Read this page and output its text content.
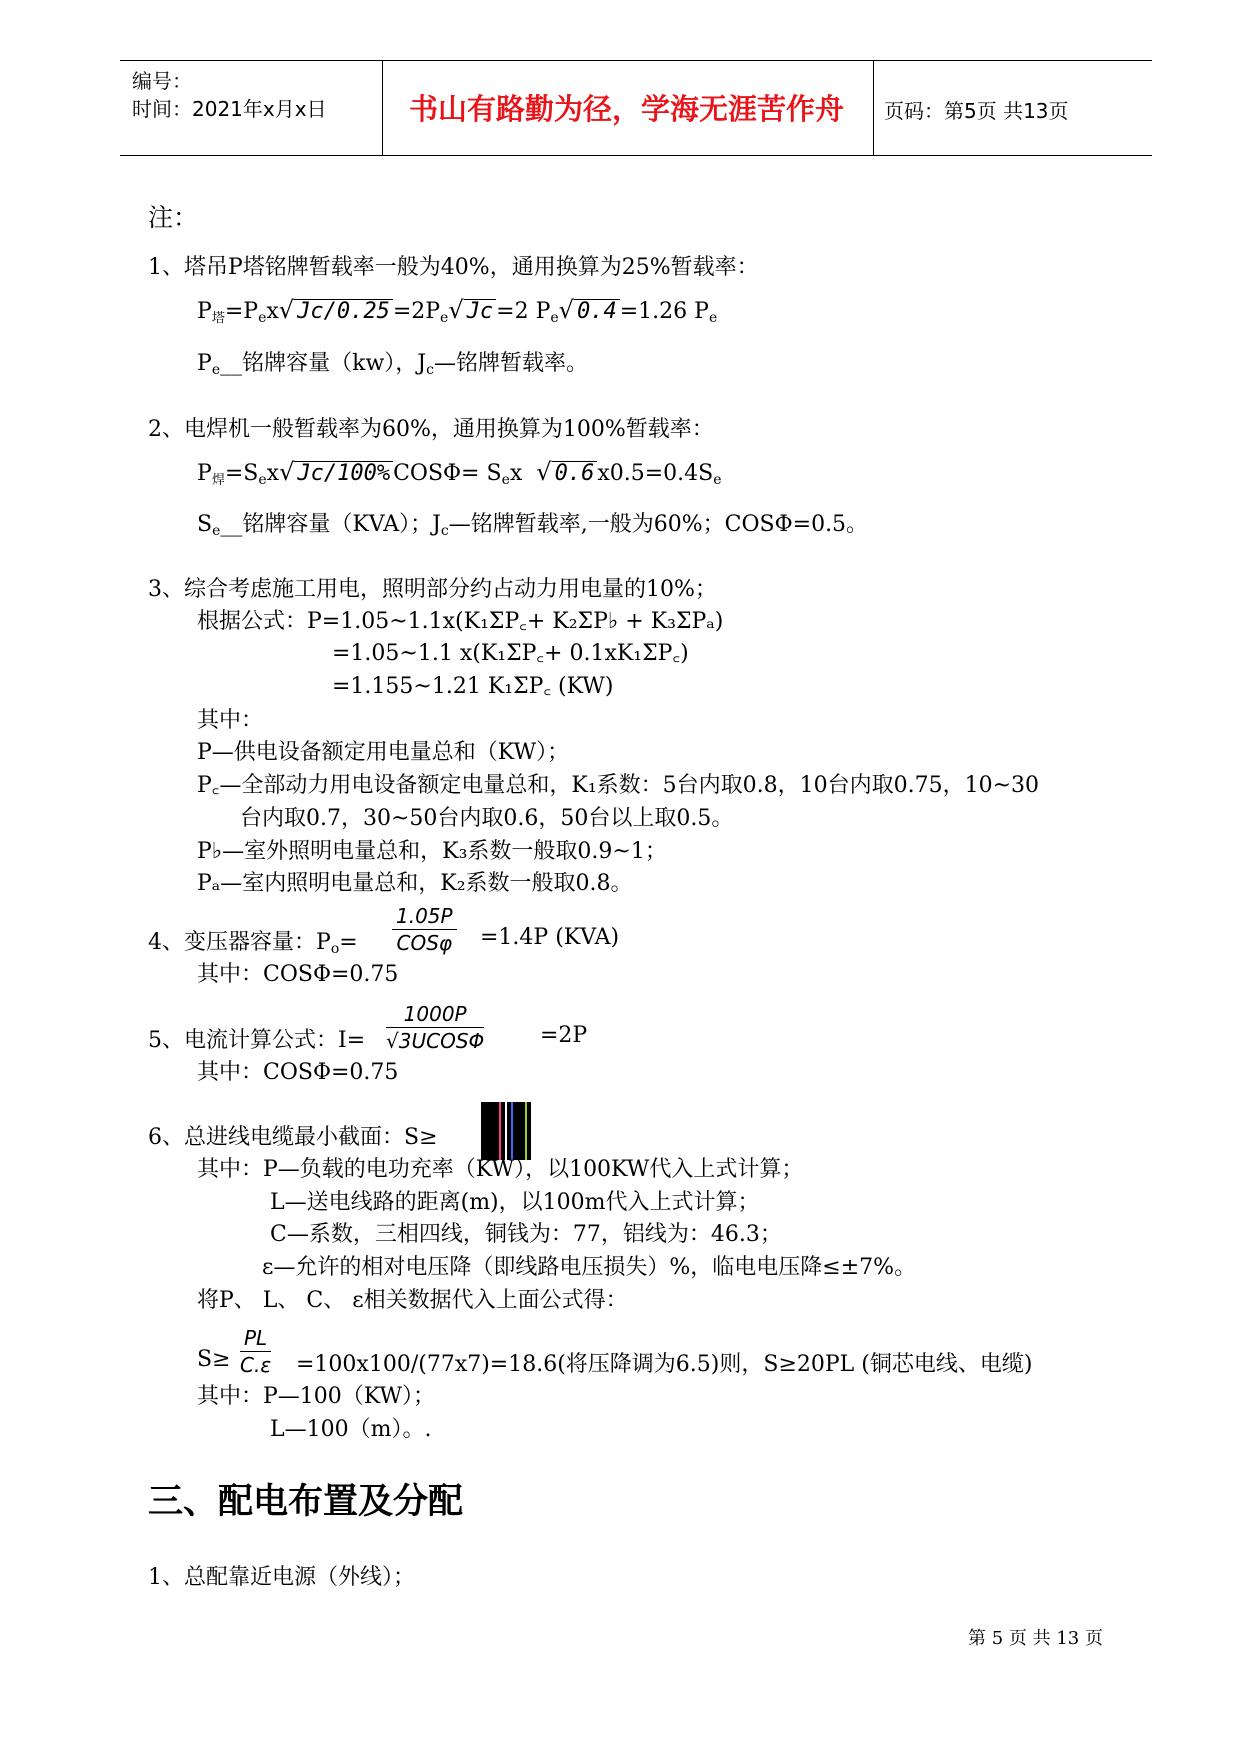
编号：
时间：2021年x月x日	书山有路勤为径，学海无涯苦作舟 页码：第5页 共13页
注：
1、塔吊P塔铭牌暂载率一般为40%，通用换算为25%暂载率：
$P_塔=P_ex√$ $Jc/0.25 =2P_e√$ Jc =2 $P_e√$ 0.4 =1.26 $P_e$
$P_e\_\_$铭牌容量（kw），$J_c—$铭牌暂载率。
2、电焊机一般暂载率为60%，通用换算为100%暂载率：
$P_焊=S_ex√$ Jc/100% $COS\Phi= S_ex$ √ 0.6 $x0.5=0.4S_e$
$S_e\_\_$铭牌容量（KVA）；$J_c—$铭牌暂载率,一般为60%；COSΦ=0.5。
3、综合考虑施工用电，照明部分约占动力用电量的10%；
根据公式：P=1.05~1.1x(K₁ΣP꜀+ K₂ΣP♭ + K₃ΣPₐ)
=1.05~1.1 x(K₁ΣP꜀+ 0.1xK₁ΣP꜀)
=1.155~1.21 K₁ΣP꜀ (KW)
其中：
P—供电设备额定用电量总和（KW）；
P꜀—全部动力用电设备额定电量总和，K₁系数：5台内取0.8，10台内取0.75，10~30
台内取0.7，30~50台内取0.6，50台以上取0.5。
P♭—室外照明电量总和，K₃系数一般取0.9~1；
Pₐ—室内照明电量总和，K₂系数一般取0.8。
4、变压器容量：$P_o=$
1.05P
COSφ =1.4P (KVA)
其中：COSΦ=0.75
5、电流计算公式：I=
1000P
√3UCOSΦ	=2P
其中：COSΦ=0.75
6、总进线电缆最小截面：S≥
其中：P—负载的电功充率（KW），以100KW代入上式计算；
L—送电线路的距离(m)，以100m代入上式计算；
C—系数，三相四线，铜钱为：77，铝线为：46.3；
ε—允许的相对电压降（即线路电压损失）%，临电电压降≤±7%。
将P、 L、 C、 ε相关数据代入上面公式得：
$S\ge \frac{PL}{C.\varepsilon} =100x100/(77x7)=18.6$(将压降调为6.5)则，S≥20PL (铜芯电线、电缆)
其中：P—100（KW）；
L—100（m）。.
三、配电布置及分配
1、总配靠近电源（外线）；
第 5 页 共 13 页
